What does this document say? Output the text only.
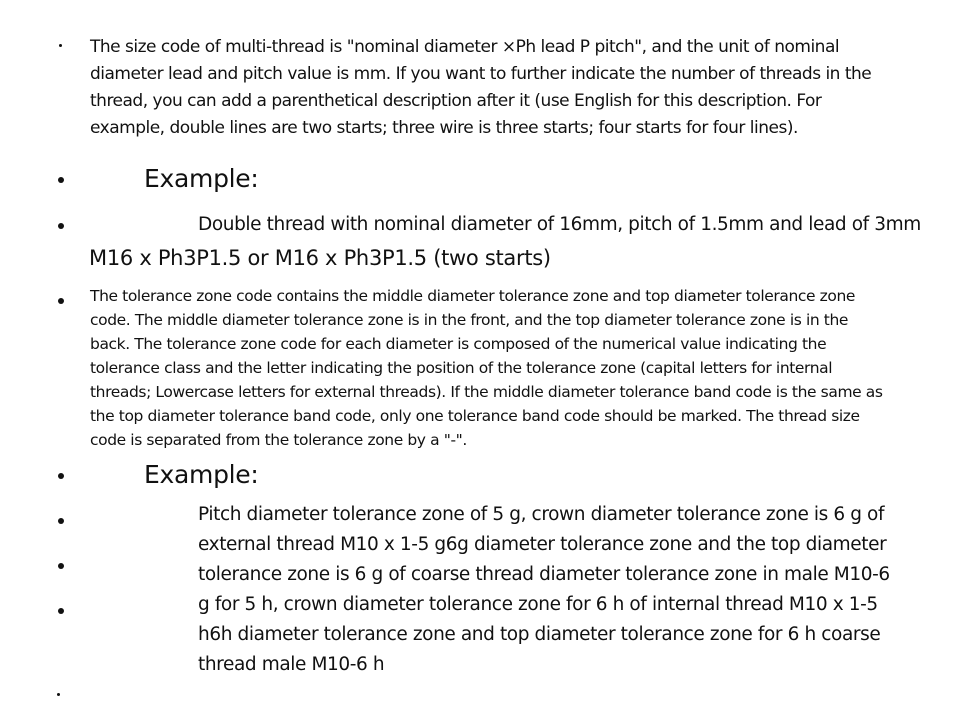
The size code of multi-thread is "nominal diameter ×Ph lead P pitch", and the unit of nominal diameter lead and pitch value is mm. If you want to further indicate the number of threads in the thread, you can add a parenthetical description after it (use English for this description. For example, double lines are two starts; three wire is three starts; four starts for four lines).
Example:
Double thread with nominal diameter of 16mm, pitch of 1.5mm and lead of 3mm
M16 x Ph3P1.5 or M16 x Ph3P1.5 (two starts)
The tolerance zone code contains the middle diameter tolerance zone and top diameter tolerance zone code. The middle diameter tolerance zone is in the front, and the top diameter tolerance zone is in the back. The tolerance zone code for each diameter is composed of the numerical value indicating the tolerance class and the letter indicating the position of the tolerance zone (capital letters for internal threads; Lowercase letters for external threads). If the middle diameter tolerance band code is the same as the top diameter tolerance band code, only one tolerance band code should be marked. The thread size code is separated from the tolerance zone by a "-".
Example:
Pitch diameter tolerance zone of 5 g, crown diameter tolerance zone is 6 g of external thread M10 x 1-5 g6g diameter tolerance zone and the top diameter tolerance zone is 6 g of coarse thread diameter tolerance zone in male M10-6 g for 5 h, crown diameter tolerance zone for 6 h of internal thread M10 x 1-5 h6h diameter tolerance zone and top diameter tolerance zone for 6 h coarse thread male M10-6 h
